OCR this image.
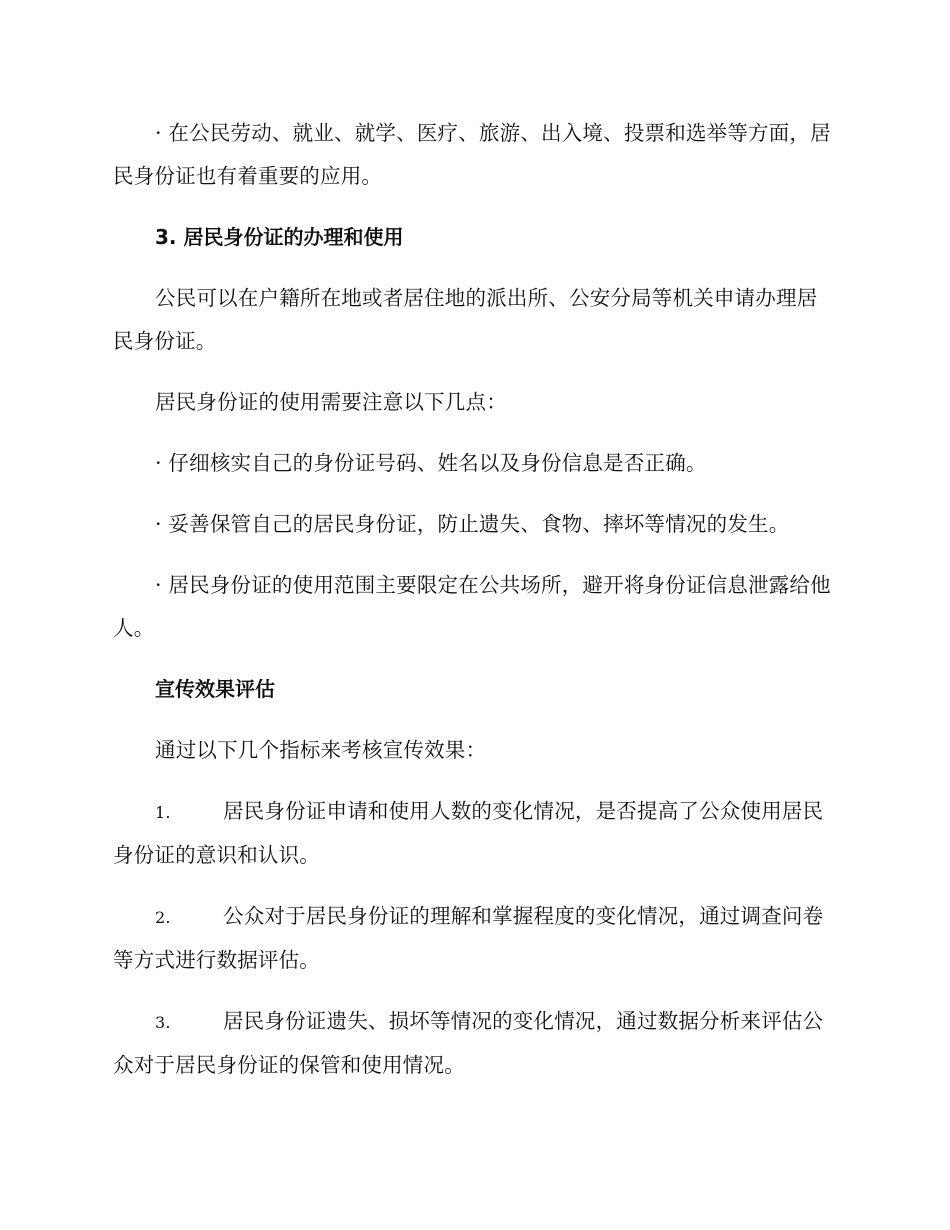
· 在公民劳动、就业、就学、医疗、旅游、出入境、投票和选举等方面，居民身份证也有着重要的应用。

3. 居民身份证的办理和使用

公民可以在户籍所在地或者居住地的派出所、公安分局等机关申请办理居民身份证。

居民身份证的使用需要注意以下几点：

· 仔细核实自己的身份证号码、姓名以及身份信息是否正确。

· 妥善保管自己的居民身份证，防止遗失、食物、摔坏等情况的发生。

· 居民身份证的使用范围主要限定在公共场所，避开将身份证信息泄露给他人。

宣传效果评估

通过以下几个指标来考核宣传效果：

1.	居民身份证申请和使用人数的变化情况，是否提高了公众使用居民身份证的意识和认识。

2.	公众对于居民身份证的理解和掌握程度的变化情况，通过调查问卷等方式进行数据评估。

3.	居民身份证遗失、损坏等情况的变化情况，通过数据分析来评估公众对于居民身份证的保管和使用情况。
